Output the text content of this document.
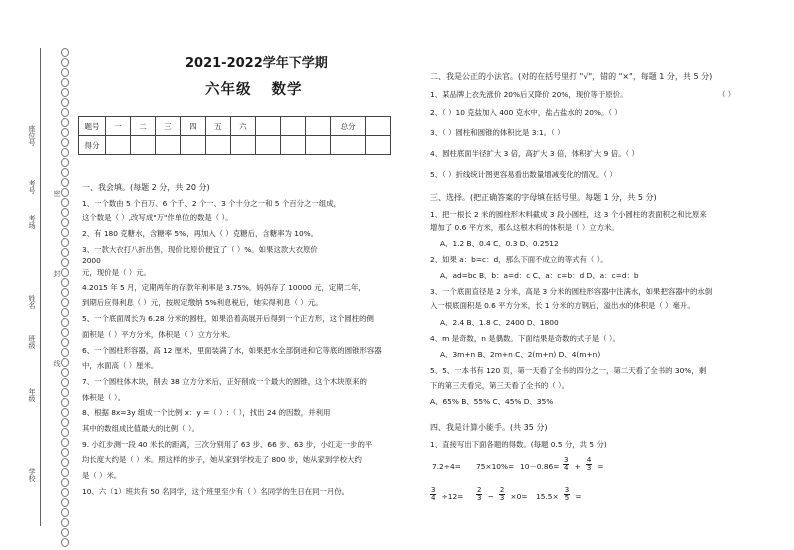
座位号
考号
考场
姓名
班级
年级
学校
密
封
线
2021-2022学年下学期
六年级 数学
题号	一	二	三	四	五	六				总分	
得分											
一、我会填。(每题 2 分，共 20 分)
1、一个数由 5 个百万、6 个千、2 个一、3 个十分之一和 5 个百分之一组成，
这个数是（ ）,改写成"万"作单位的数是（ ）。
2、有 180 克糖水，含糖率 5%，再加入（ ）克糖后，含糖率为 10%。
3、一款大衣打八折出售，现价比原价便宜了（ ）%。如果这款大衣原价
2000
元，现价是（ ）元。
4.2015 年 5 月，定期两年的存款年利率是 3.75%。妈妈存了 10000 元，定期二年，
到期后应得利息（ ）元，按规定缴纳 5%利息税后，她实得利息（ ）元。
5、一个底面周长为 6.28 分米的圆柱，如果沿着高展开后得到一个正方形，这个圆柱的侧
面积是（ ）平方分米，体积是（ ）立方分米。
6、一个圆柱形容器，高 12 厘米，里面装满了水，如果把水全部倒进和它等底的圆锥形容器
中，水面高（ ）厘米。
7、一个圆柱体木块，削去 38 立方分米后，正好削成一个最大的圆锥，这个木块原来的
体积是（ ）。
8、根据 8x=3y 组成一个比例 x：y =（ ）:（ ），找出 24 的因数，并利用
其中的数组成比值最大的比例（ ）。
9. 小红步测一段 40 米长的距离，三次分别用了 63 步、66 步、63 步，小红走一步的平
均长度大约是（ ）米。照这样的步子，她从家到学校走了 800 步，她从家到学校大约
是（ ）米。
10、六（1）班共有 50 名同学，这个班里至少有（ ）名同学的生日在同一月份。
二、我是公正的小法官。(对的在括号里打 "√"，错的 "×"，每题 1 分，共 5 分)
1、某品牌上衣先涨价 20%后又降价 20%，现价等于原价。	（ ）
2、（ ）10 克盐加入 400 克水中，盐占盐水的 20%。（ ）
3、（ ）圆柱和圆锥的体积比是 3:1。（ ）
4、圆柱底面半径扩大 3 倍，高扩大 3 倍，体积扩大 9 倍。（ ）
5、（ ）折线统计图更容易看出数量增减变化的情况。（ ）
三、选择。(把正确答案的字母填在括号里。每题 1 分，共 5 分)
1、把一根长 2 米的圆柱形木料截成 3 段小圆柱，这 3 个小圆柱的表面积之和比原来
增加了 0.6 平方米，那么这根木料的体积是（ ）立方米。
A、1.2 B、0.4 C、0.3 D、0.2512
2、如果 a：b=c：d，那么下面不成立的等式有（ ）。
A、ad=bc B、b：a=d：c C、a：c=b：d D、a：c=d：b
3、一个底面直径是 2 分米，高是 3 分米的圆柱形容器中注满水，如果把容器中的水倒
入一根底面积是 0.6 平方分米，长 1 分米的方钢后，溢出水的体积是（ ）毫升。
A、2.4 B、1.8 C、2400 D、1800
4、m 是奇数，n 是偶数。下面结果是奇数的式子是（ ）。
A、3m+n B、2m+n C、2(m+n) D、4(m+n)
5、5、一本书有 120 页，第一天看了全书的四分之一，第二天看了全书的 30%，剩
下的第三天看完，第三天看了全书的（ ）。
A、65% B、55% C、45% D、35%
四、我是计算小能手。(共 35 分)
1、直接写出下面各题的得数。(每题 0.5 分，共 5 分)
$7.2\div 4= 75\times 10\%= 10-0.86= \frac{3}{4} + \frac{4}{3}$ =
$\frac{3}{4} \div 12= \frac{2}{3} - \frac{2}{3} \times 0= 15.5\times \frac{3}{5}$ =
